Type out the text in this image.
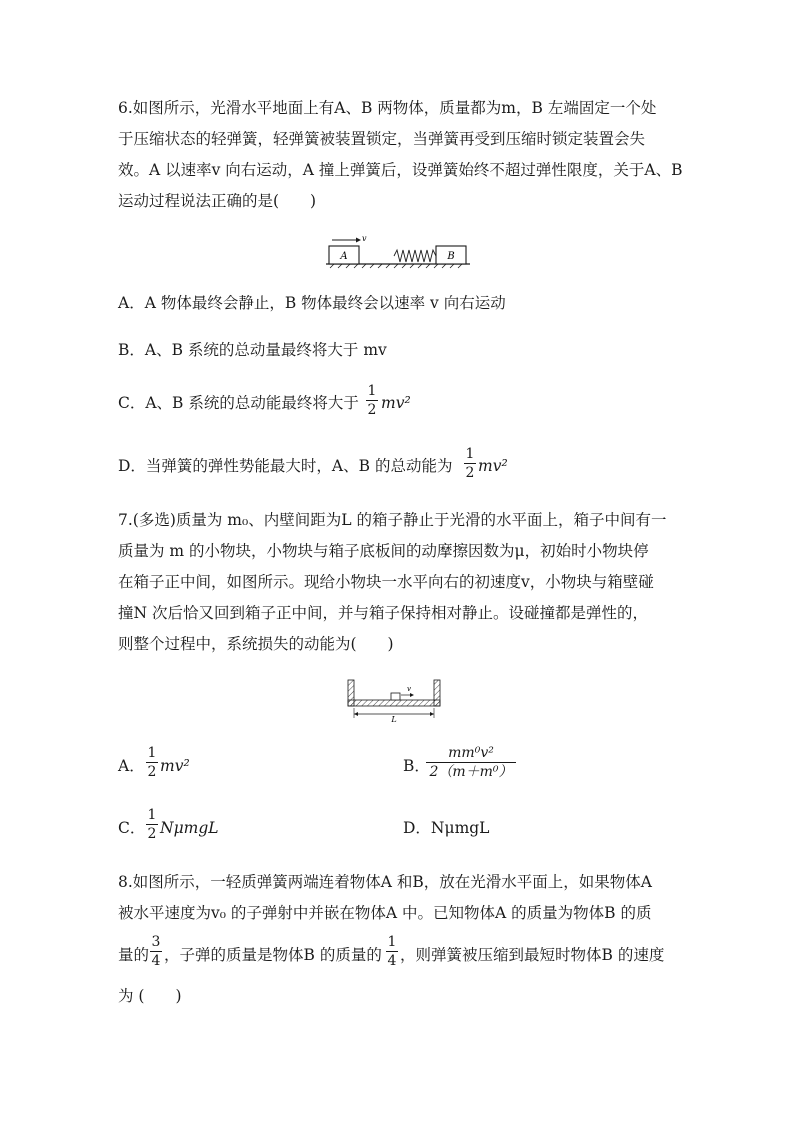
6.如图所示，光滑水平地面上有A、B 两物体，质量都为m，B 左端固定一个处
于压缩状态的轻弹簧，轻弹簧被装置锁定，当弹簧再受到压缩时锁定装置会失
效。A 以速率v 向右运动，A 撞上弹簧后，设弹簧始终不超过弹性限度，关于A、B
运动过程说法正确的是(　　)
A
v
B
A．A 物体最终会静止，B 物体最终会以速率 v 向右运动
B．A、B 系统的总动量最终将大于 mv
C．A、B 系统的总动能最终将大于
1
2 mv²
D．当弹簧的弹性势能最大时，A、B 的总动能为
1
2 mv²
7.(多选)质量为 m₀、内壁间距为L 的箱子静止于光滑的水平面上，箱子中间有一
质量为 m 的小物块，小物块与箱子底板间的动摩擦因数为μ，初始时小物块停
在箱子正中间，如图所示。现给小物块一水平向右的初速度v，小物块与箱壁碰
撞N 次后恰又回到箱子正中间，并与箱子保持相对静止。设碰撞都是弹性的，
则整个过程中，系统损失的动能为(　　)
v
L
A．
1
2 mv²	B．
mm⁰v²
2（m＋m⁰）
C．
1
2 NμmgL	D．NμmgL
8.如图所示，一轻质弹簧两端连着物体A 和B，放在光滑水平面上，如果物体A
被水平速度为v₀ 的子弹射中并嵌在物体A 中。已知物体A 的质量为物体B 的质
量的
3
4 ，子弹的质量是物体B 的质量的
1
4 ，则弹簧被压缩到最短时物体B 的速度
为 (　　)
